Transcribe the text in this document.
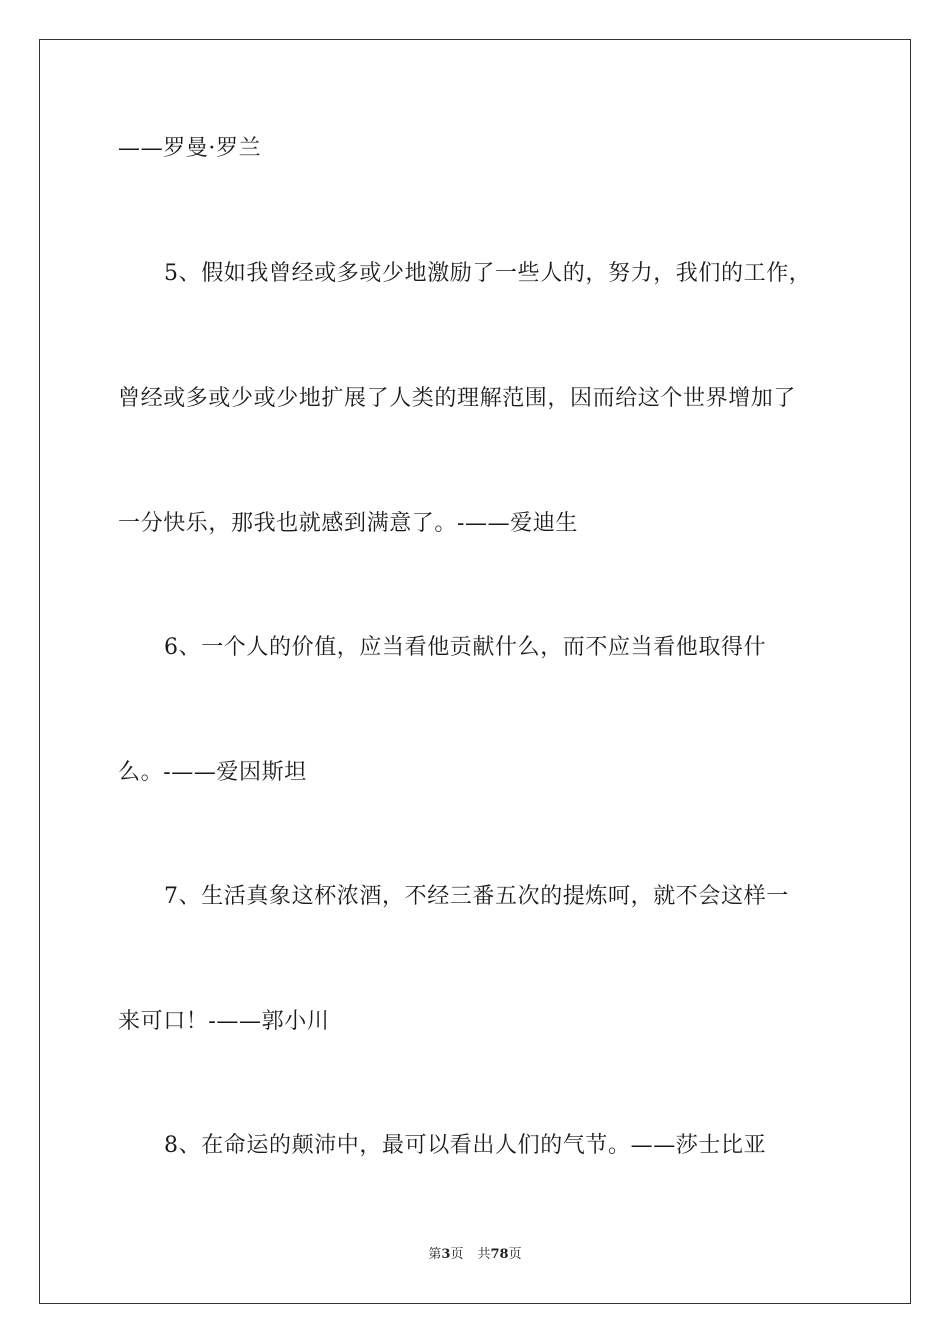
——罗曼·罗兰
5、假如我曾经或多或少地激励了一些人的，努力，我们的工作，
曾经或多或少或少地扩展了人类的理解范围，因而给这个世界增加了
一分快乐，那我也就感到满意了。-——爱迪生
6、一个人的价值，应当看他贡献什么，而不应当看他取得什
么。-——爱因斯坦
7、生活真象这杯浓酒，不经三番五次的提炼呵，就不会这样一
来可口！-——郭小川
8、在命运的颠沛中，最可以看出人们的气节。——莎士比亚
第3页 共78页
